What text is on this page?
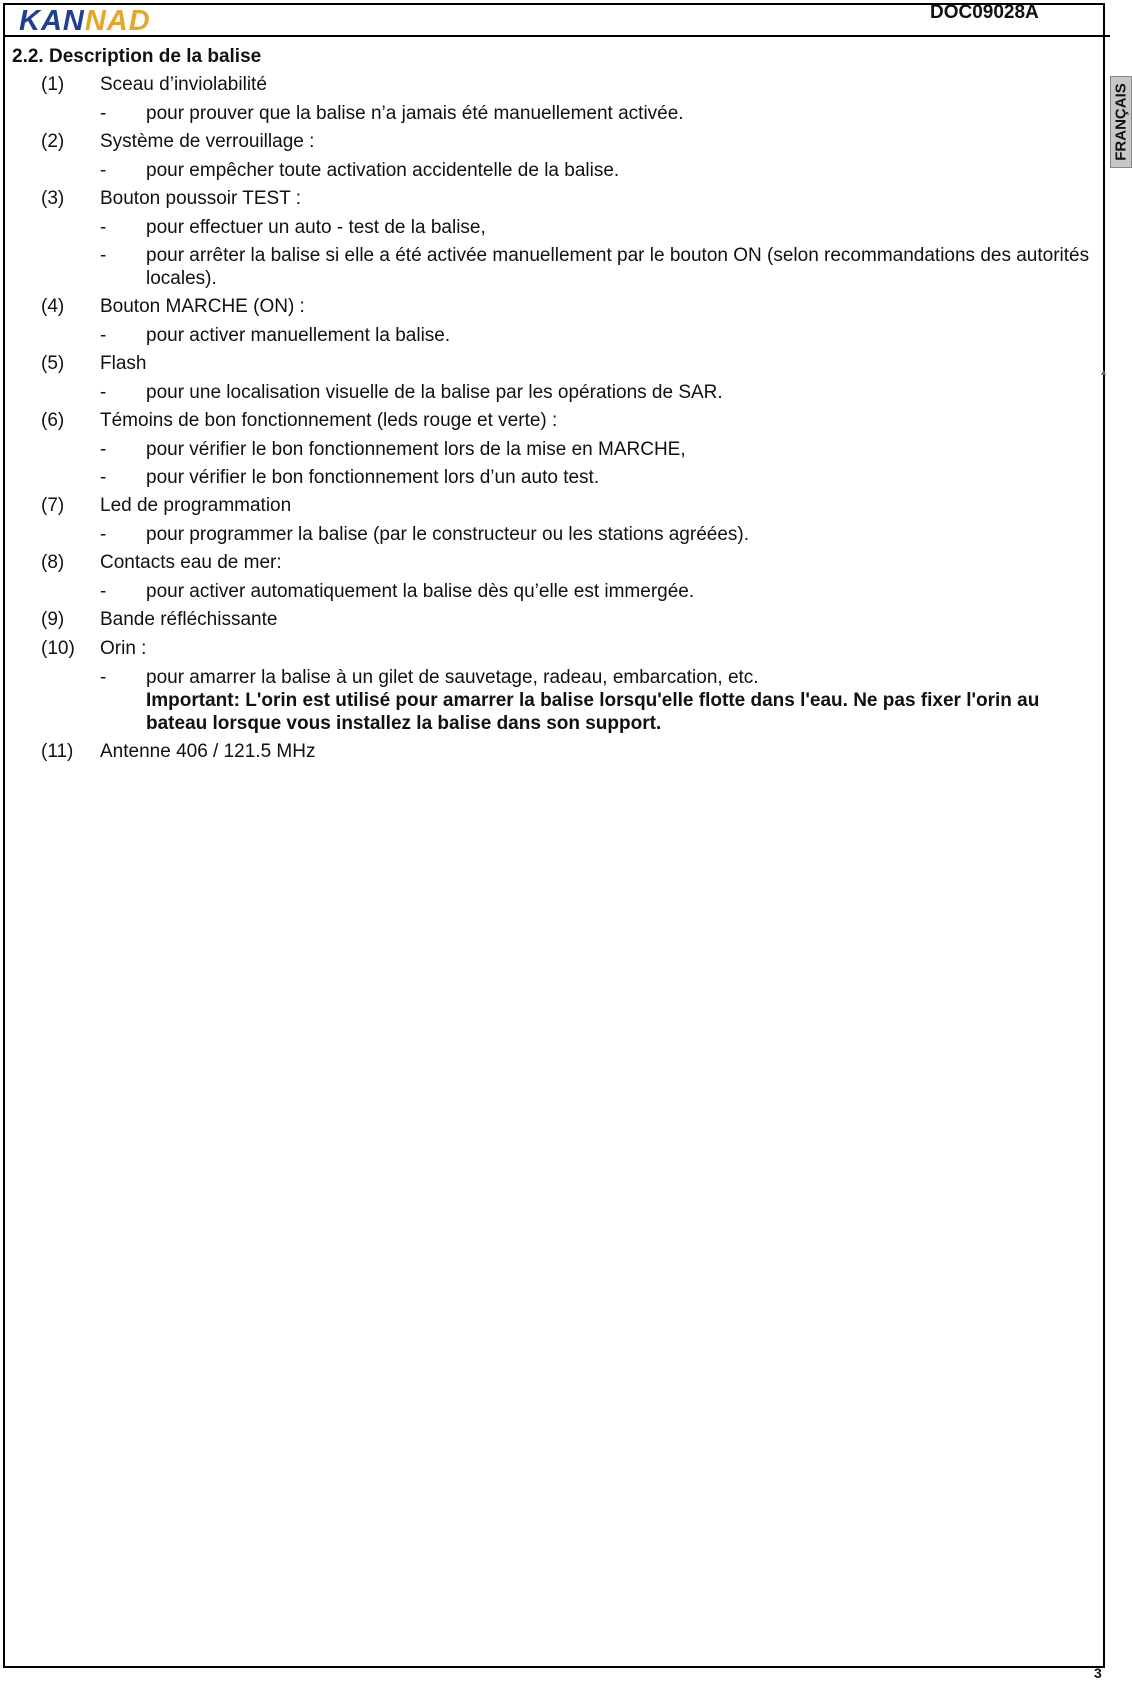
KANNAD	DOC09028A
FRANÇAIS
▴
2.2. Description de la balise
(1) Sceau d’inviolabilité
- pour prouver que la balise n’a jamais été manuellement activée.
(2) Système de verrouillage :
- pour empêcher toute activation accidentelle de la balise.
(3) Bouton poussoir TEST :
- pour effectuer un auto - test de la balise,
- pour arrêter la balise si elle a été activée manuellement par le bouton ON (selon recommandations des autorités locales).
(4) Bouton MARCHE (ON) :
- pour activer manuellement la balise.
(5) Flash
- pour une localisation visuelle de la balise par les opérations de SAR.
(6) Témoins de bon fonctionnement (leds rouge et verte) :
- pour vérifier le bon fonctionnement lors de la mise en MARCHE,
- pour vérifier le bon fonctionnement lors d’un auto test.
(7) Led de programmation
- pour programmer la balise (par le constructeur ou les stations agréées).
(8) Contacts eau de mer:
- pour activer automatiquement la balise dès qu’elle est immergée.
(9) Bande réfléchissante
(10) Orin :
- pour amarrer la balise à un gilet de sauvetage, radeau, embarcation, etc.
Important: L'orin est utilisé pour amarrer la balise lorsqu'elle flotte dans l'eau. Ne pas fixer l'orin au bateau lorsque vous installez la balise dans son support.
(11) Antenne 406 / 121.5 MHz
3
